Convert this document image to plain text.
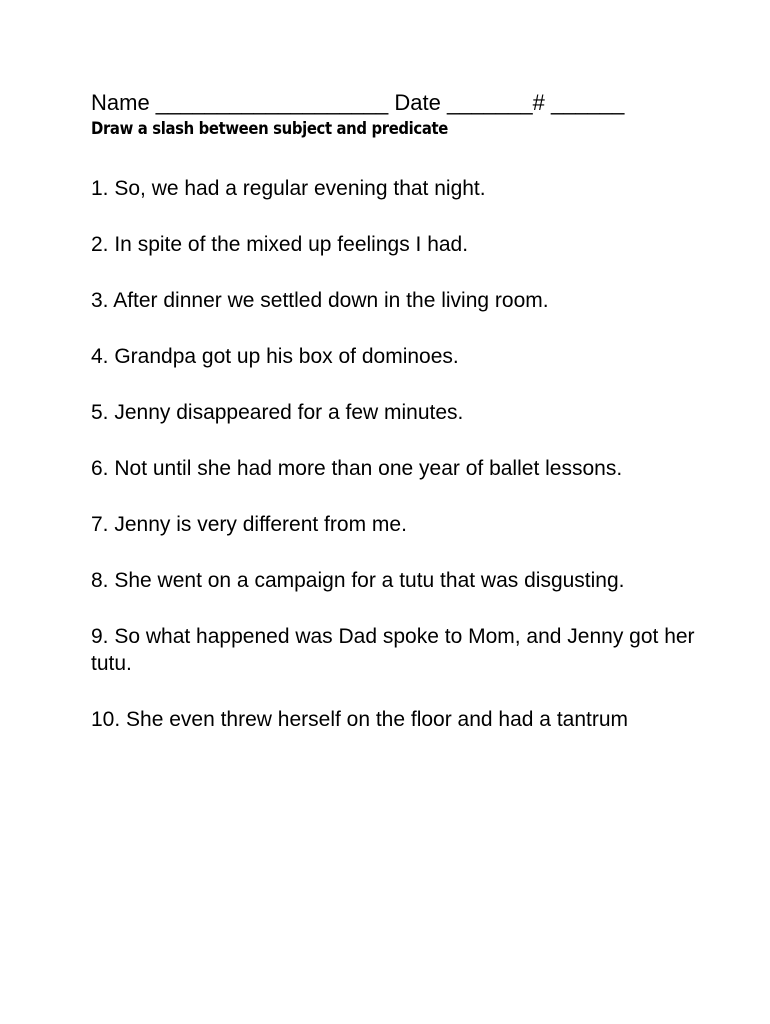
Name ___________________ Date _______# ______
Draw a slash between subject and predicate
1. So, we had a regular evening that night.
2. In spite of the mixed up feelings I had.
3. After dinner we settled down in the living room.
4. Grandpa got up his box of dominoes.
5. Jenny disappeared for a few minutes.
6. Not until she had more than one year of ballet lessons.
7. Jenny is very different from me.
8. She went on a campaign for a tutu that was disgusting.
9. So what happened was Dad spoke to Mom, and Jenny got her tutu.
10. She even threw herself on the floor and had a tantrum
